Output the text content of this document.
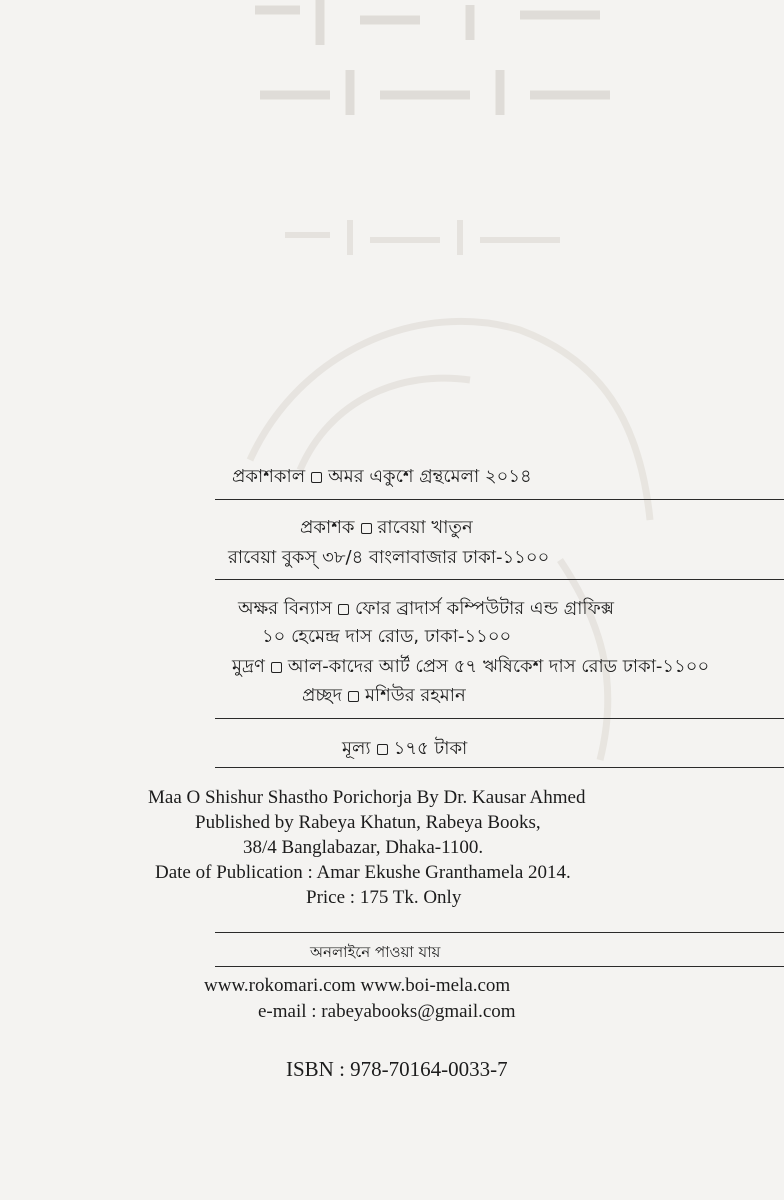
প্রকাশকাল অমর একুশে গ্রন্থমেলা ২০১৪
প্রকাশক রাবেয়া খাতুন
রাবেয়া বুকস্ ৩৮/৪ বাংলাবাজার ঢাকা-১১০০
অক্ষর বিন্যাস ফোর ব্রাদার্স কম্পিউটার এন্ড গ্রাফিক্স
১০ হেমেন্দ্র দাস রোড, ঢাকা-১১০০
মুদ্রণ আল-কাদের আর্ট প্রেস ৫৭ ঋষিকেশ দাস রোড ঢাকা-১১০০
প্রচ্ছদ মশিউর রহমান
মূল্য ১৭৫ টাকা
Maa O Shishur Shastho Porichorja By Dr. Kausar Ahmed
Published by Rabeya Khatun, Rabeya Books,
38/4 Banglabazar, Dhaka-1100.
Date of Publication : Amar Ekushe Granthamela 2014.
Price : 175 Tk. Only
অনলাইনে পাওয়া যায়
www.rokomari.com www.boi-mela.com
e-mail : rabeyabooks@gmail.com
ISBN : 978-70164-0033-7
